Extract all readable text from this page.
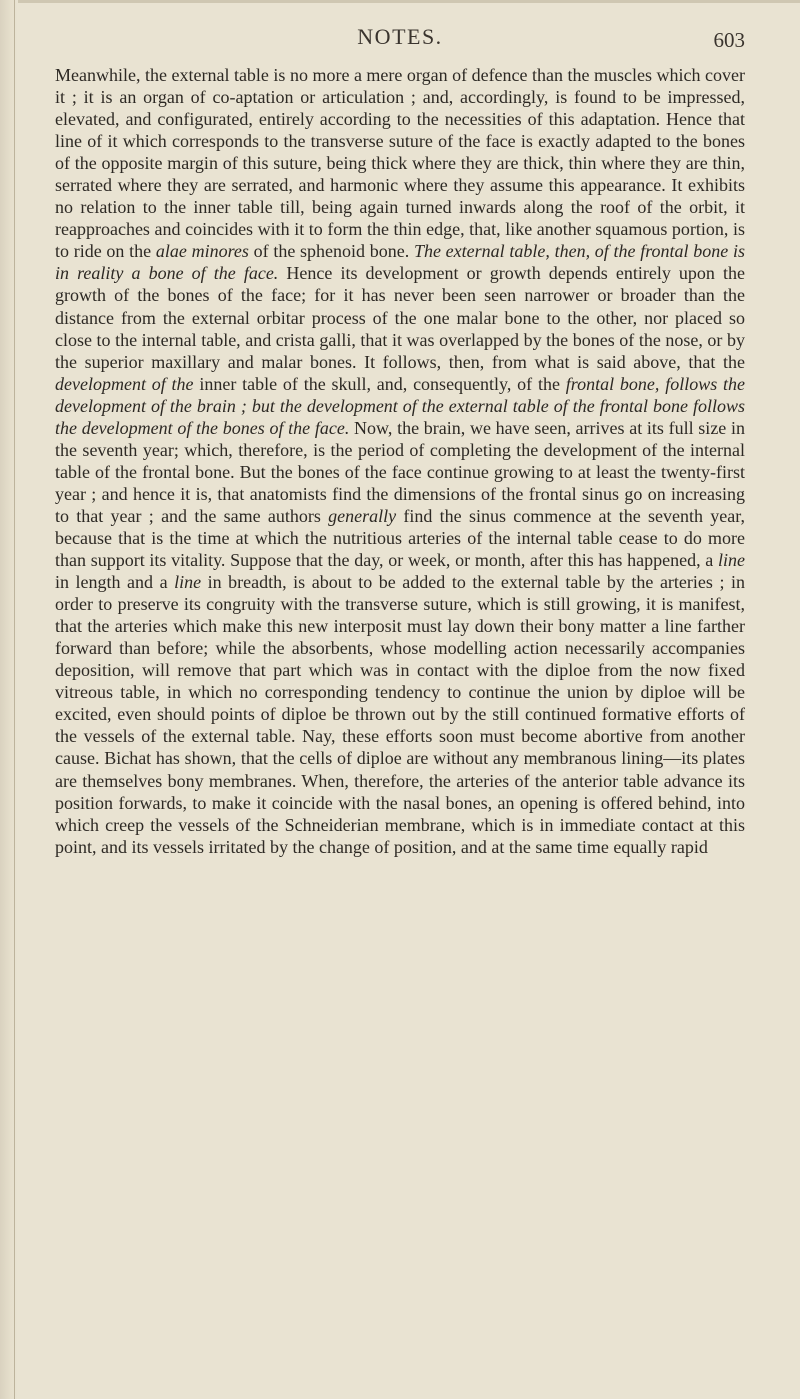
NOTES.	603

Meanwhile, the external table is no more a mere organ of defence than the muscles which cover it ; it is an organ of co-aptation or articulation ; and, accordingly, is found to be impressed, elevated, and configurated, entirely according to the necessities of this adaptation. Hence that line of it which corresponds to the transverse suture of the face is exactly adapted to the bones of the opposite margin of this suture, being thick where they are thick, thin where they are thin, serrated where they are serrated, and harmonic where they assume this appearance. It exhibits no relation to the inner table till, being again turned inwards along the roof of the orbit, it reapproaches and coincides with it to form the thin edge, that, like another squamous portion, is to ride on the alae minores of the sphenoid bone. The external table, then, of the frontal bone is in reality a bone of the face. Hence its development or growth depends entirely upon the growth of the bones of the face; for it has never been seen narrower or broader than the distance from the external orbitar process of the one malar bone to the other, nor placed so close to the internal table, and crista galli, that it was overlapped by the bones of the nose, or by the superior maxillary and malar bones. It follows, then, from what is said above, that the development of the inner table of the skull, and, consequently, of the frontal bone, follows the development of the brain ; but the development of the external table of the frontal bone follows the development of the bones of the face. Now, the brain, we have seen, arrives at its full size in the seventh year; which, therefore, is the period of completing the development of the internal table of the frontal bone. But the bones of the face continue growing to at least the twenty-first year ; and hence it is, that anatomists find the dimensions of the frontal sinus go on increasing to that year ; and the same authors generally find the sinus commence at the seventh year, because that is the time at which the nutritious arteries of the internal table cease to do more than support its vitality. Suppose that the day, or week, or month, after this has happened, a line in length and a line in breadth, is about to be added to the external table by the arteries ; in order to preserve its congruity with the transverse suture, which is still growing, it is manifest, that the arteries which make this new interposit must lay down their bony matter a line farther forward than before; while the absorbents, whose modelling action necessarily accompanies deposition, will remove that part which was in contact with the diploe from the now fixed vitreous table, in which no corresponding tendency to continue the union by diploe will be excited, even should points of diploe be thrown out by the still continued formative efforts of the vessels of the external table. Nay, these efforts soon must become abortive from another cause. Bichat has shown, that the cells of diploe are without any membranous lining—its plates are themselves bony membranes. When, therefore, the arteries of the anterior table advance its position forwards, to make it coincide with the nasal bones, an opening is offered behind, into which creep the vessels of the Schneiderian membrane, which is in immediate contact at this point, and its vessels irritated by the change of position, and at the same time equally rapid
